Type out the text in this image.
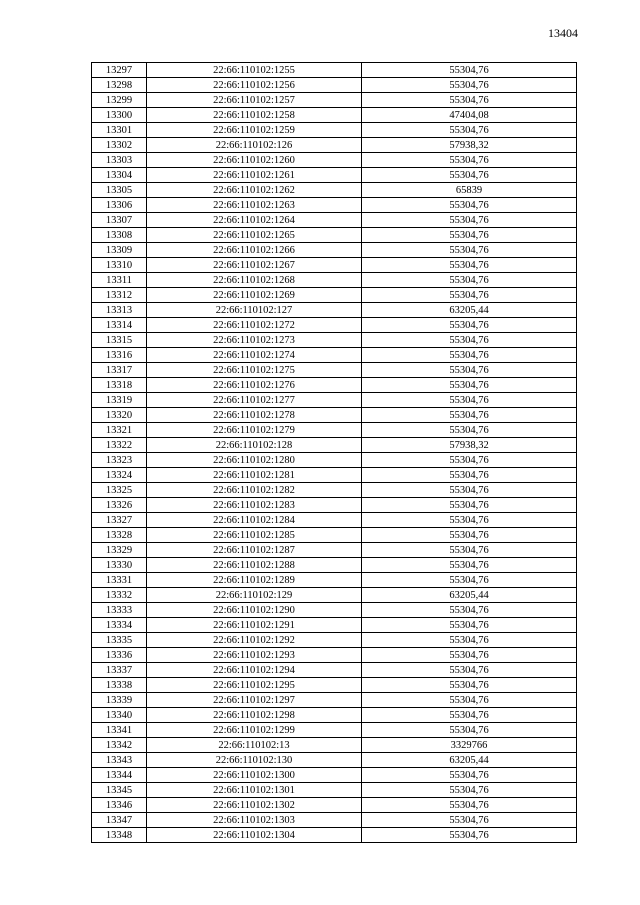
13404
13297	22:66:110102:1255	55304,76
13298	22:66:110102:1256	55304,76
13299	22:66:110102:1257	55304,76
13300	22:66:110102:1258	47404,08
13301	22:66:110102:1259	55304,76
13302	22:66:110102:126	57938,32
13303	22:66:110102:1260	55304,76
13304	22:66:110102:1261	55304,76
13305	22:66:110102:1262	65839
13306	22:66:110102:1263	55304,76
13307	22:66:110102:1264	55304,76
13308	22:66:110102:1265	55304,76
13309	22:66:110102:1266	55304,76
13310	22:66:110102:1267	55304,76
13311	22:66:110102:1268	55304,76
13312	22:66:110102:1269	55304,76
13313	22:66:110102:127	63205,44
13314	22:66:110102:1272	55304,76
13315	22:66:110102:1273	55304,76
13316	22:66:110102:1274	55304,76
13317	22:66:110102:1275	55304,76
13318	22:66:110102:1276	55304,76
13319	22:66:110102:1277	55304,76
13320	22:66:110102:1278	55304,76
13321	22:66:110102:1279	55304,76
13322	22:66:110102:128	57938,32
13323	22:66:110102:1280	55304,76
13324	22:66:110102:1281	55304,76
13325	22:66:110102:1282	55304,76
13326	22:66:110102:1283	55304,76
13327	22:66:110102:1284	55304,76
13328	22:66:110102:1285	55304,76
13329	22:66:110102:1287	55304,76
13330	22:66:110102:1288	55304,76
13331	22:66:110102:1289	55304,76
13332	22:66:110102:129	63205,44
13333	22:66:110102:1290	55304,76
13334	22:66:110102:1291	55304,76
13335	22:66:110102:1292	55304,76
13336	22:66:110102:1293	55304,76
13337	22:66:110102:1294	55304,76
13338	22:66:110102:1295	55304,76
13339	22:66:110102:1297	55304,76
13340	22:66:110102:1298	55304,76
13341	22:66:110102:1299	55304,76
13342	22:66:110102:13	3329766
13343	22:66:110102:130	63205,44
13344	22:66:110102:1300	55304,76
13345	22:66:110102:1301	55304,76
13346	22:66:110102:1302	55304,76
13347	22:66:110102:1303	55304,76
13348	22:66:110102:1304	55304,76
